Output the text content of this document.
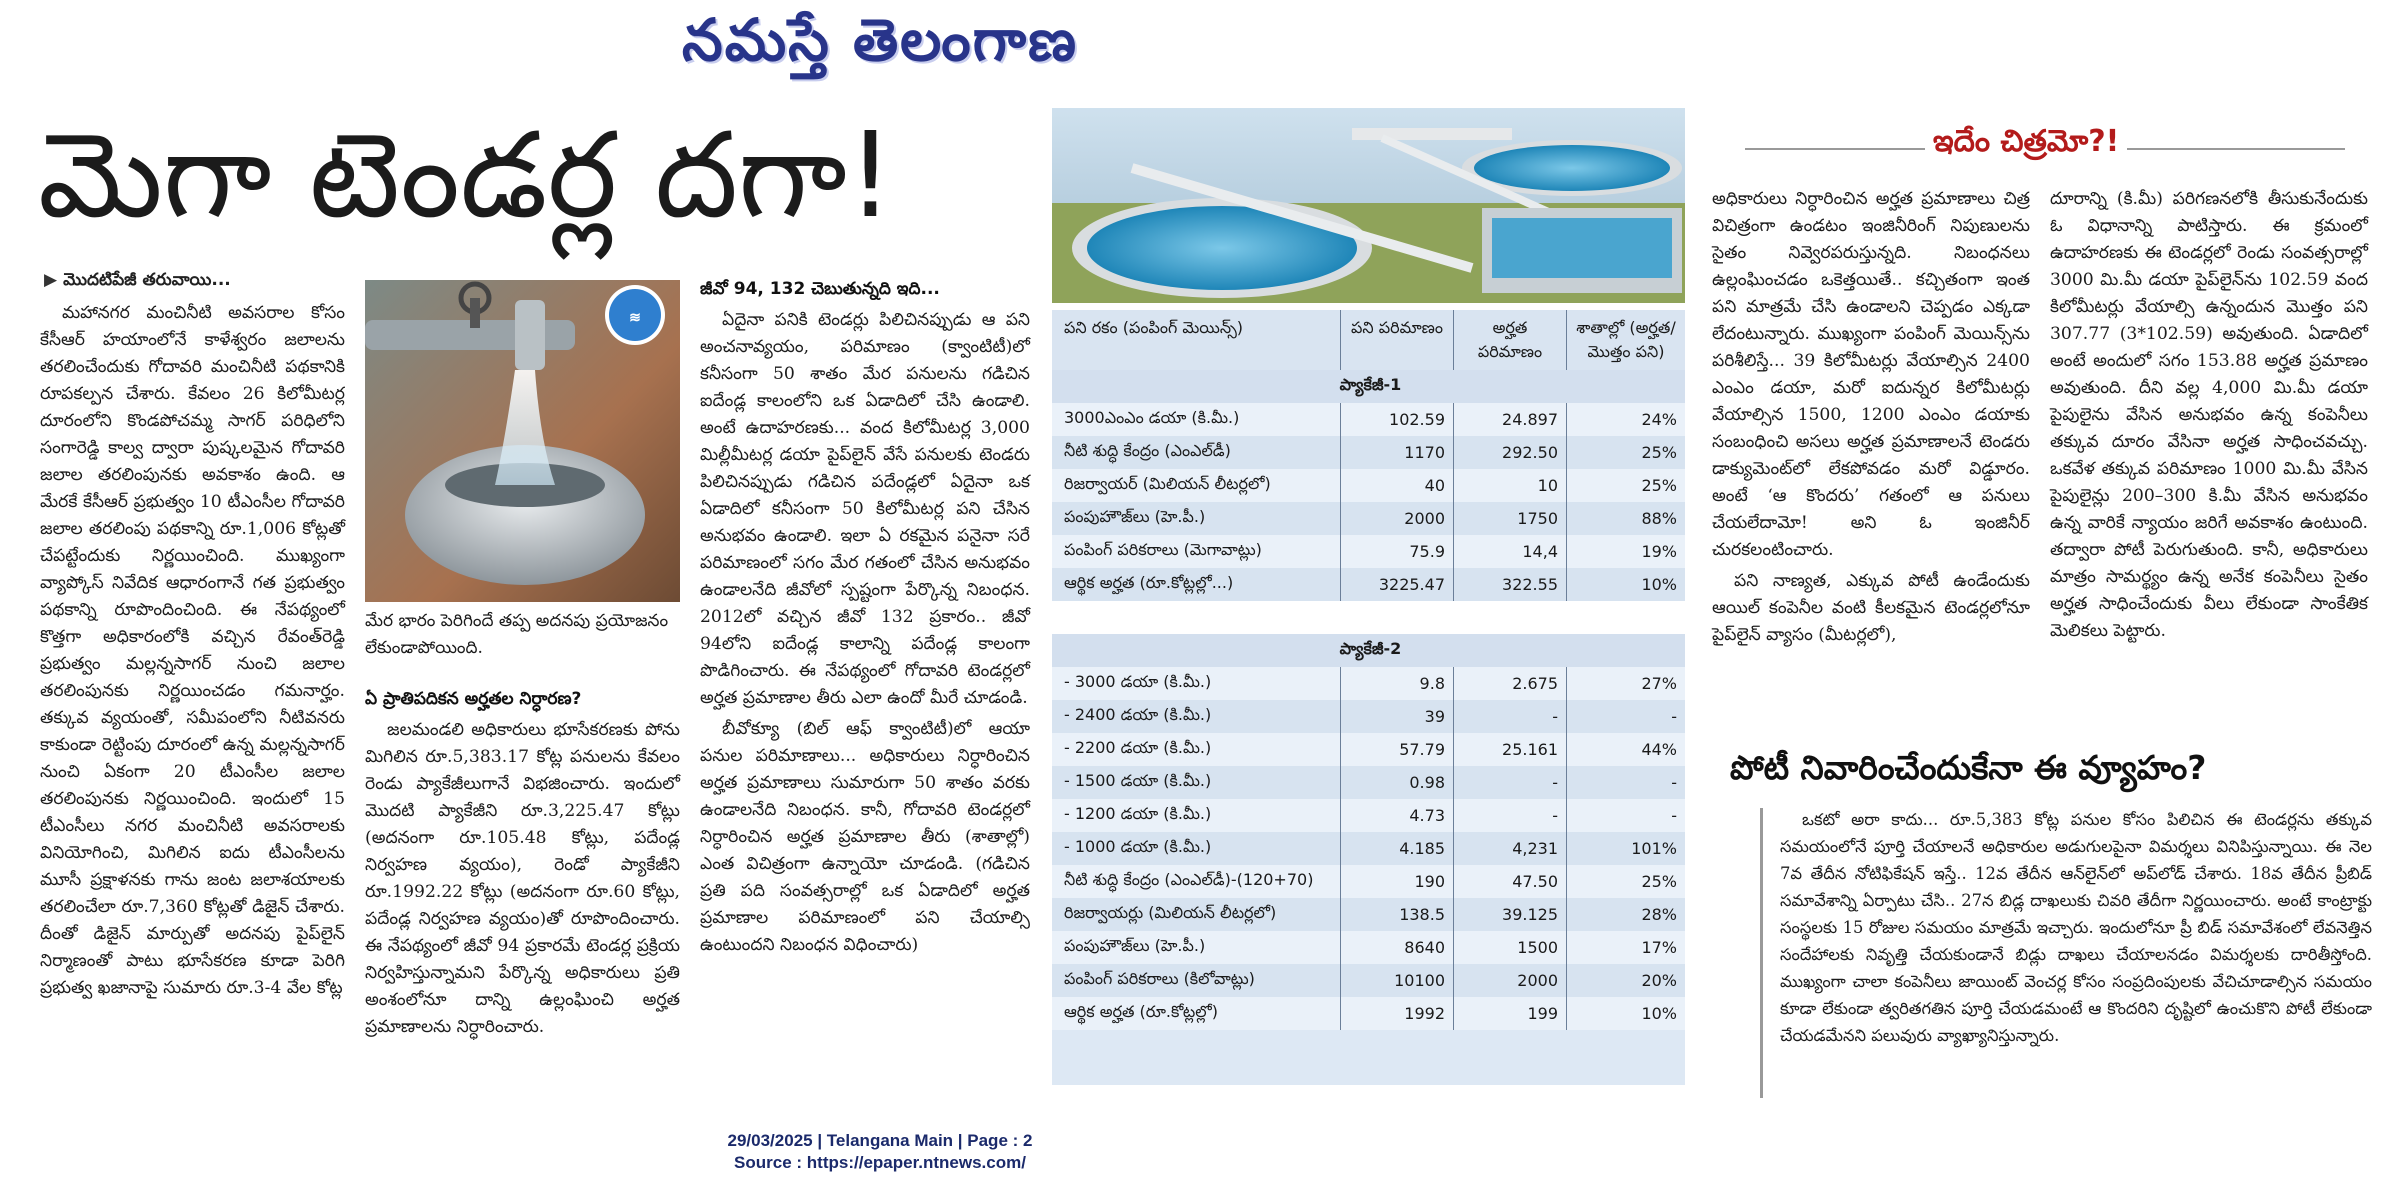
నమస్తే తెలంగాణ
మెగా టెండర్ల దగా!
▶ మొదటిపేజీ తరువాయి...

మహానగర మంచినీటి అవసరాల కోసం కేసీఆర్ హయాంలోనే కాళేశ్వరం జలాలను తరలించేందుకు గోదావరి మంచినీటి పథకానికి రూపకల్పన చేశారు. కేవలం 26 కిలోమీటర్ల దూరంలోని కొండపోచమ్మ సాగర్ పరిధిలోని సంగారెడ్డి కాల్వ ద్వారా పుష్కలమైన గోదావరి జలాల తరలింపునకు అవకాశం ఉంది. ఆ మేరకే కేసీఆర్ ప్రభుత్వం 10 టీఎంసీల గోదావరి జలాల తరలింపు పథకాన్ని రూ.1,006 కోట్లతో చేపట్టేందుకు నిర్ణయించింది. ముఖ్యంగా వ్యాప్కోస్ నివేదిక ఆధారంగానే గత ప్రభుత్వం పథకాన్ని రూపొందించింది. ఈ నేపథ్యంలో కొత్తగా అధికారంలోకి వచ్చిన రేవంత్‌రెడ్డి ప్రభుత్వం మల్లన్నసాగర్ నుంచి జలాల తరలింపునకు నిర్ణయించడం గమనార్హం. తక్కువ వ్యయంతో, సమీపంలోని నీటివనరు కాకుండా రెట్టింపు దూరంలో ఉన్న మల్లన్నసాగర్ నుంచి ఏకంగా 20 టీఎంసీల జలాల తరలింపునకు నిర్ణయించింది. ఇందులో 15 టీఎంసీలు నగర మంచినీటి అవసరాలకు వినియోగించి, మిగిలిన ఐదు టీఎంసీలను మూసీ ప్రక్షాళనకు గాను జంట జలాశయాలకు తరలించేలా రూ.7,360 కోట్లతో డిజైన్ చేశారు. దీంతో డిజైన్ మార్పుతో అదనపు పైప్‌లైన్ నిర్మాణంతో పాటు భూసేకరణ కూడా పెరిగి ప్రభుత్వ ఖజానాపై సుమారు రూ.3-4 వేల కోట్ల

≋
మేర భారం పెరిగిందే తప్ప అదనపు ప్రయోజనం లేకుండాపోయింది.
ఏ ప్రాతిపదికన అర్హతల నిర్ధారణ?

జలమండలి అధికారులు భూసేకరణకు పోను మిగిలిన రూ.5,383.17 కోట్ల పనులను కేవలం రెండు ప్యాకేజీలుగానే విభజించారు. ఇందులో మొదటి ప్యాకేజీని రూ.3,225.47 కోట్లు (అదనంగా రూ.105.48 కోట్లు, పదేండ్ల నిర్వహణ వ్యయం), రెండో ప్యాకేజీని రూ.1992.22 కోట్లు (అదనంగా రూ.60 కోట్లు, పదేండ్ల నిర్వహణ వ్యయం)తో రూపొందించారు. ఈ నేపథ్యంలో జీవో 94 ప్రకారమే టెండర్ల ప్రక్రియ నిర్వహిస్తున్నామని పేర్కొన్న అధికారులు ప్రతి అంశంలోనూ దాన్ని ఉల్లంఘించి అర్హత ప్రమాణాలను నిర్ధారించారు.

జీవో 94, 132 చెబుతున్నది ఇది...

ఏదైనా పనికి టెండర్లు పిలిచినప్పుడు ఆ పని అంచనావ్యయం, పరిమాణం (క్వాంటిటీ)లో కనీసంగా 50 శాతం మేర పనులను గడిచిన ఐదేండ్ల కాలంలోని ఒక ఏడాదిలో చేసి ఉండాలి. అంటే ఉదాహరణకు... వంద కిలోమీటర్ల 3,000 మిల్లీమీటర్ల డయా పైప్‌లైన్ వేసే పనులకు టెండరు పిలిచినప్పుడు గడిచిన పదేండ్లలో ఏదైనా ఒక ఏడాదిలో కనీసంగా 50 కిలోమీటర్ల పని చేసిన అనుభవం ఉండాలి. ఇలా ఏ రకమైన పనైనా సరే పరిమాణంలో సగం మేర గతంలో చేసిన అనుభవం ఉండాలనేది జీవోలో స్పష్టంగా పేర్కొన్న నిబంధన. 2012లో వచ్చిన జీవో 132 ప్రకారం.. జీవో 94లోని ఐదేండ్ల కాలాన్ని పదేండ్ల కాలంగా పొడిగించారు. ఈ నేపథ్యంలో గోదావరి టెండర్లలో అర్హత ప్రమాణాల తీరు ఎలా ఉందో మీరే చూడండి.

బీవోక్యూ (బిల్ ఆఫ్ క్వాంటిటీ)లో ఆయా పనుల పరిమాణాలు... అధికారులు నిర్ధారించిన అర్హత ప్రమాణాలు సుమారుగా 50 శాతం వరకు ఉండాలనేది నిబంధన. కానీ, గోదావరి టెండర్లలో నిర్ధారించిన అర్హత ప్రమాణాల తీరు (శాతాల్లో) ఎంత విచిత్రంగా ఉన్నాయో చూడండి. (గడిచిన ప్రతి పది సంవత్సరాల్లో ఒక ఏడాదిలో అర్హత ప్రమాణాల పరిమాణంలో పని చేయాల్సి ఉంటుందని నిబంధన విధించారు)

పని రకం (పంపింగ్ మెయిన్స్)	పని పరిమాణం	అర్హత పరిమాణం	శాతాల్లో (అర్హత/ మొత్తం పని)
ప్యాకేజీ-1			
3000ఎంఎం డయా (కి.మీ.)	102.59	24.897	24%
నీటి శుద్ధి కేంద్రం (ఎంఎల్‌డీ)	1170	292.50	25%
రిజర్వాయర్ (మిలియన్ లీటర్లలో)	40	10	25%
పంపుహౌజ్‌లు (హె.పీ.)	2000	1750	88%
పంపింగ్ పరికరాలు (మెగావాట్లు)	75.9	14,4	19%
ఆర్థిక అర్హత (రూ.కోట్లల్లో...)	3225.47	322.55	10%

ప్యాకేజీ-2			
- 3000 డయా (కి.మీ.)	9.8	2.675	27%
- 2400 డయా (కి.మీ.)	39	-	-
- 2200 డయా (కి.మీ.)	57.79	25.161	44%
- 1500 డయా (కి.మీ.)	0.98	-	-
- 1200 డయా (కి.మీ.)	4.73	-	-
- 1000 డయా (కి.మీ.)	4.185	4,231	101%
నీటి శుద్ధి కేంద్రం (ఎంఎల్‌డీ)-(120+70)	190	47.50	25%
రిజర్వాయర్లు (మిలియన్ లీటర్లలో)	138.5	39.125	28%
పంపుహౌజ్‌లు (హె.పీ.)	8640	1500	17%
పంపింగ్ పరికరాలు (కిలోవాట్లు)	10100	2000	20%
ఆర్థిక అర్హత (రూ.కోట్లల్లో)	1992	199	10%
ఇదేం చిత్రమో?!

అధికారులు నిర్ధారించిన అర్హత ప్రమాణాలు చిత్ర విచిత్రంగా ఉండటం ఇంజినీరింగ్ నిపుణులను సైతం నివ్వెరపరుస్తున్నది. నిబంధనలు ఉల్లంఘించడం ఒకెత్తయితే.. కచ్చితంగా ఇంత పని మాత్రమే చేసి ఉండాలని చెప్పడం ఎక్కడా లేదంటున్నారు. ముఖ్యంగా పంపింగ్ మెయిన్స్‌ను పరిశీలిస్తే... 39 కిలోమీటర్లు వేయాల్సిన 2400 ఎంఎం డయా, మరో ఐదున్నర కిలోమీటర్లు వేయాల్సిన 1500, 1200 ఎంఎం డయాకు సంబంధించి అసలు అర్హత ప్రమాణాలనే టెండరు డాక్యుమెంట్‌లో లేకపోవడం మరో విడ్డూరం. అంటే ‘ఆ కొందరు’ గతంలో ఆ పనులు చేయలేదామో! అని ఓ ఇంజినీర్ చురకలంటించారు.

పని నాణ్యత, ఎక్కువ పోటీ ఉండేందుకు ఆయిల్ కంపెనీల వంటి కీలకమైన టెండర్లలోనూ పైప్‌లైన్ వ్యాసం (మీటర్లలో),

దూరాన్ని (కి.మీ) పరిగణనలోకి తీసుకునేందుకు ఓ విధానాన్ని పాటిస్తారు. ఈ క్రమంలో ఉదాహరణకు ఈ టెండర్లలో రెండు సంవత్సరాల్లో 3000 మి.మీ డయా పైప్‌లైన్‌ను 102.59 వంద కిలోమీటర్లు వేయాల్సి ఉన్నందున మొత్తం పని 307.77 (3*102.59) అవుతుంది. ఏడాదిలో అంటే అందులో సగం 153.88 అర్హత ప్రమాణం అవుతుంది. దీని వల్ల 4,000 మి.మీ డయా పైపులైను వేసిన అనుభవం ఉన్న కంపెనీలు తక్కువ దూరం వేసినా అర్హత సాధించవచ్చు. ఒకవేళ తక్కువ పరిమాణం 1000 మి.మీ వేసిన పైపులైన్లు 200–300 కి.మీ వేసిన అనుభవం ఉన్న వారికే న్యాయం జరిగే అవకాశం ఉంటుంది. తద్వారా పోటీ పెరుగుతుంది. కానీ, అధికారులు మాత్రం సామర్థ్యం ఉన్న అనేక కంపెనీలు సైతం అర్హత సాధించేందుకు వీలు లేకుండా సాంకేతిక మెలికలు పెట్టారు.

పోటీ నివారించేందుకేనా ఈ వ్యూహం?

ఒకటో అరా కాదు... రూ.5,383 కోట్ల పనుల కోసం పిలిచిన ఈ టెండర్లను తక్కువ సమయంలోనే పూర్తి చేయాలనే అధికారుల అడుగులపైనా విమర్శలు వినిపిస్తున్నాయి. ఈ నెల 7వ తేదీన నోటిఫికేషన్ ఇస్తే.. 12వ తేదీన ఆన్‌లైన్‌లో అప్‌లోడ్ చేశారు. 18వ తేదీన ప్రీబిడ్ సమావేశాన్ని ఏర్పాటు చేసి.. 27న బిడ్ల దాఖలుకు చివరి తేదీగా నిర్ణయించారు. అంటే కాంట్రాక్టు సంస్థలకు 15 రోజుల సమయం మాత్రమే ఇచ్చారు. ఇందులోనూ ప్రీ బిడ్ సమావేశంలో లేవనెత్తిన సందేహాలకు నివృత్తి చేయకుండానే బిడ్లు దాఖలు చేయాలనడం విమర్శలకు దారితీస్తోంది. ముఖ్యంగా చాలా కంపెనీలు జాయింట్ వెంచర్ల కోసం సంప్రదింపులకు వేచిచూడాల్సిన సమయం కూడా లేకుండా త్వరితగతిన పూర్తి చేయడమంటే ఆ కొందరిని దృష్టిలో ఉంచుకొని పోటీ లేకుండా చేయడమేనని పలువురు వ్యాఖ్యానిస్తున్నారు.

29/03/2025 | Telangana Main | Page : 2
Source : https://epaper.ntnews.com/
